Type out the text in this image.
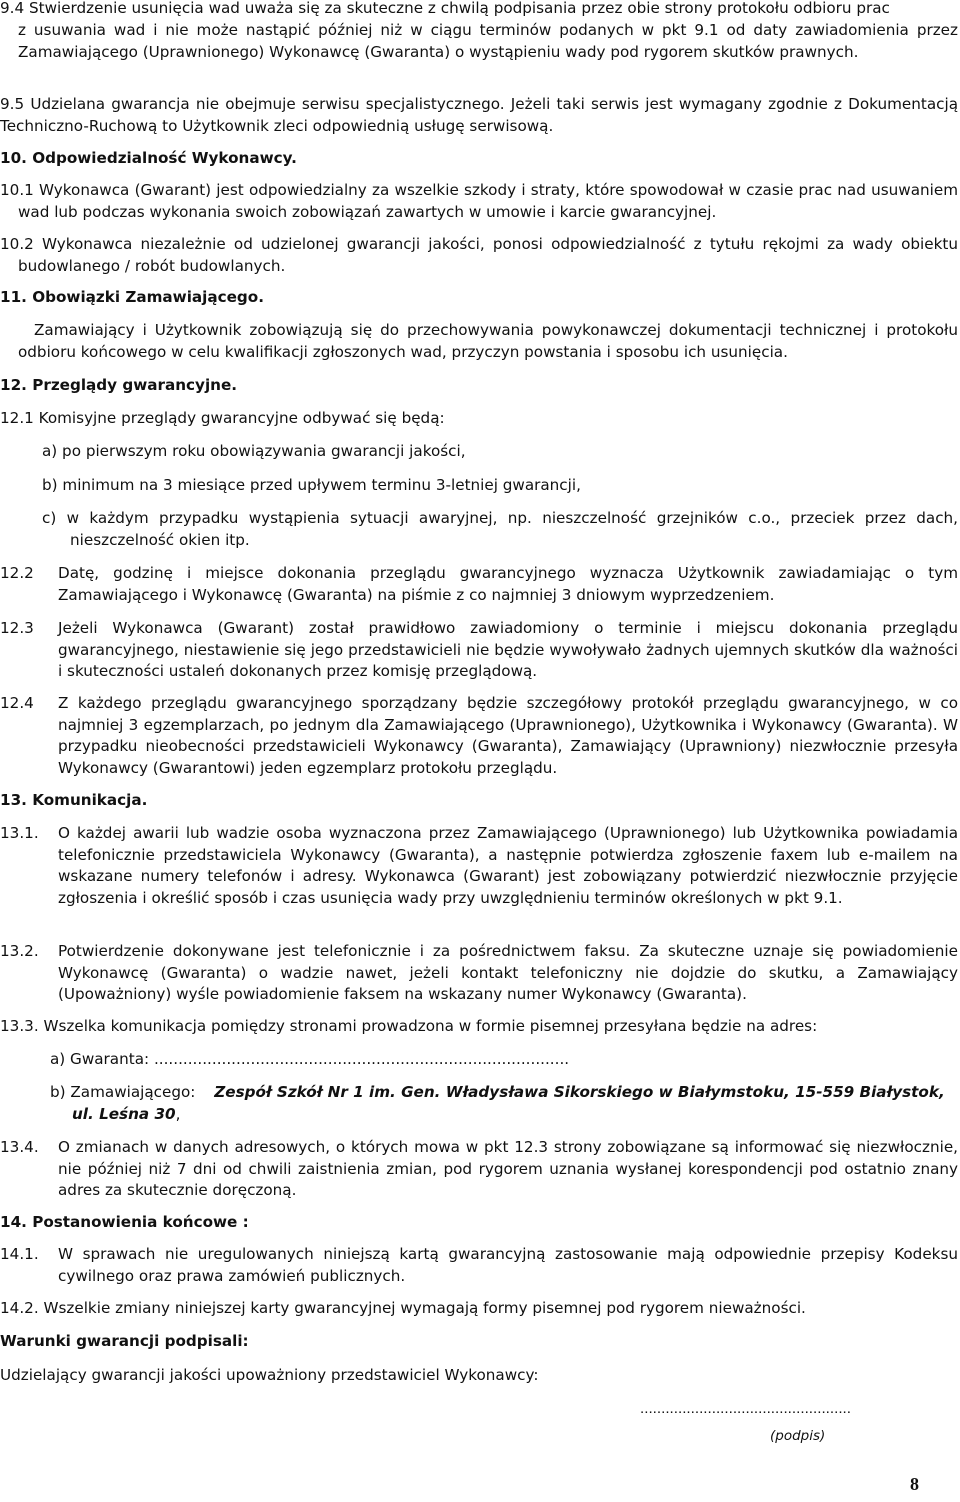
9.4 Stwierdzenie usunięcia wad uważa się za skuteczne z chwilą podpisania przez obie strony protokołu odbioru prac

z usuwania wad i nie może nastąpić później niż w ciągu terminów podanych w pkt 9.1 od daty zawiadomienia przez Zamawiającego (Uprawnionego) Wykonawcę (Gwaranta) o wystąpieniu wady pod rygorem skutków prawnych.

9.5 Udzielana gwarancja nie obejmuje serwisu specjalistycznego. Jeżeli taki serwis jest wymagany zgodnie z Dokumentacją Techniczno-Ruchową to Użytkownik zleci odpowiednią usługę serwisową.

10. Odpowiedzialność Wykonawcy.

10.1 Wykonawca (Gwarant) jest odpowiedzialny za wszelkie szkody i straty, które spowodował w czasie prac nad usuwaniem wad lub podczas wykonania swoich zobowiązań zawartych w umowie i karcie gwarancyjnej.

10.2 Wykonawca niezależnie od udzielonej gwarancji jakości, ponosi odpowiedzialność z tytułu rękojmi za wady obiektu budowlanego / robót budowlanych.

11. Obowiązki Zamawiającego.

Zamawiający i Użytkownik zobowiązują się do przechowywania powykonawczej dokumentacji technicznej i protokołu odbioru końcowego w celu kwalifikacji zgłoszonych wad, przyczyn powstania i sposobu ich usunięcia.

12. Przeglądy gwarancyjne.

12.1 Komisyjne przeglądy gwarancyjne odbywać się będą:

a) po pierwszym roku obowiązywania gwarancji jakości,

b) minimum na 3 miesiące przed upływem terminu 3-letniej gwarancji,

c) w każdym przypadku wystąpienia sytuacji awaryjnej, np. nieszczelność grzejników c.o., przeciek przez dach, nieszczelność okien itp.

12.2 Datę, godzinę i miejsce dokonania przeglądu gwarancyjnego wyznacza Użytkownik zawiadamiając o tym Zamawiającego i Wykonawcę (Gwaranta) na piśmie z co najmniej 3 dniowym wyprzedzeniem.

12.3 Jeżeli Wykonawca (Gwarant) został prawidłowo zawiadomiony o terminie i miejscu dokonania przeglądu gwarancyjnego, niestawienie się jego przedstawicieli nie będzie wywoływało żadnych ujemnych skutków dla ważności i skuteczności ustaleń dokonanych przez komisję przeglądową.

12.4 Z każdego przeglądu gwarancyjnego sporządzany będzie szczegółowy protokół przeglądu gwarancyjnego, w co najmniej 3 egzemplarzach, po jednym dla Zamawiającego (Uprawnionego), Użytkownika i Wykonawcy (Gwaranta). W przypadku nieobecności przedstawicieli Wykonawcy (Gwaranta), Zamawiający (Uprawniony) niezwłocznie przesyła Wykonawcy (Gwarantowi) jeden egzemplarz protokołu przeglądu.

13. Komunikacja.

13.1. O każdej awarii lub wadzie osoba wyznaczona przez Zamawiającego (Uprawnionego) lub Użytkownika powiadamia telefonicznie przedstawiciela Wykonawcy (Gwaranta), a następnie potwierdza zgłoszenie faxem lub e-mailem na wskazane numery telefonów i adresy. Wykonawca (Gwarant) jest zobowiązany potwierdzić niezwłocznie przyjęcie zgłoszenia i określić sposób i czas usunięcia wady przy uwzględnieniu terminów określonych w pkt 9.1.

13.2. Potwierdzenie dokonywane jest telefonicznie i za pośrednictwem faksu. Za skuteczne uznaje się powiadomienie Wykonawcę (Gwaranta) o wadzie nawet, jeżeli kontakt telefoniczny nie dojdzie do skutku, a Zamawiający (Upoważniony) wyśle powiadomienie faksem na wskazany numer Wykonawcy (Gwaranta).

13.3. Wszelka komunikacja pomiędzy stronami prowadzona w formie pisemnej przesyłana będzie na adres:

a) Gwaranta: ......................................................................................

b) Zamawiającego: Zespół Szkół Nr 1 im. Gen. Władysława Sikorskiego w Białymstoku, 15-559 Białystok,

ul. Leśna 30,

13.4. O zmianach w danych adresowych, o których mowa w pkt 12.3 strony zobowiązane są informować się niezwłocznie, nie później niż 7 dni od chwili zaistnienia zmian, pod rygorem uznania wysłanej korespondencji pod ostatnio znany adres za skutecznie doręczoną.

14. Postanowienia końcowe :

14.1. W sprawach nie uregulowanych niniejszą kartą gwarancyjną zastosowanie mają odpowiednie przepisy Kodeksu cywilnego oraz prawa zamówień publicznych.

14.2. Wszelkie zmiany niniejszej karty gwarancyjnej wymagają formy pisemnej pod rygorem nieważności.

Warunki gwarancji podpisali:

Udzielający gwarancji jakości upoważniony przedstawiciel Wykonawcy:

..................................................

(podpis)

8
